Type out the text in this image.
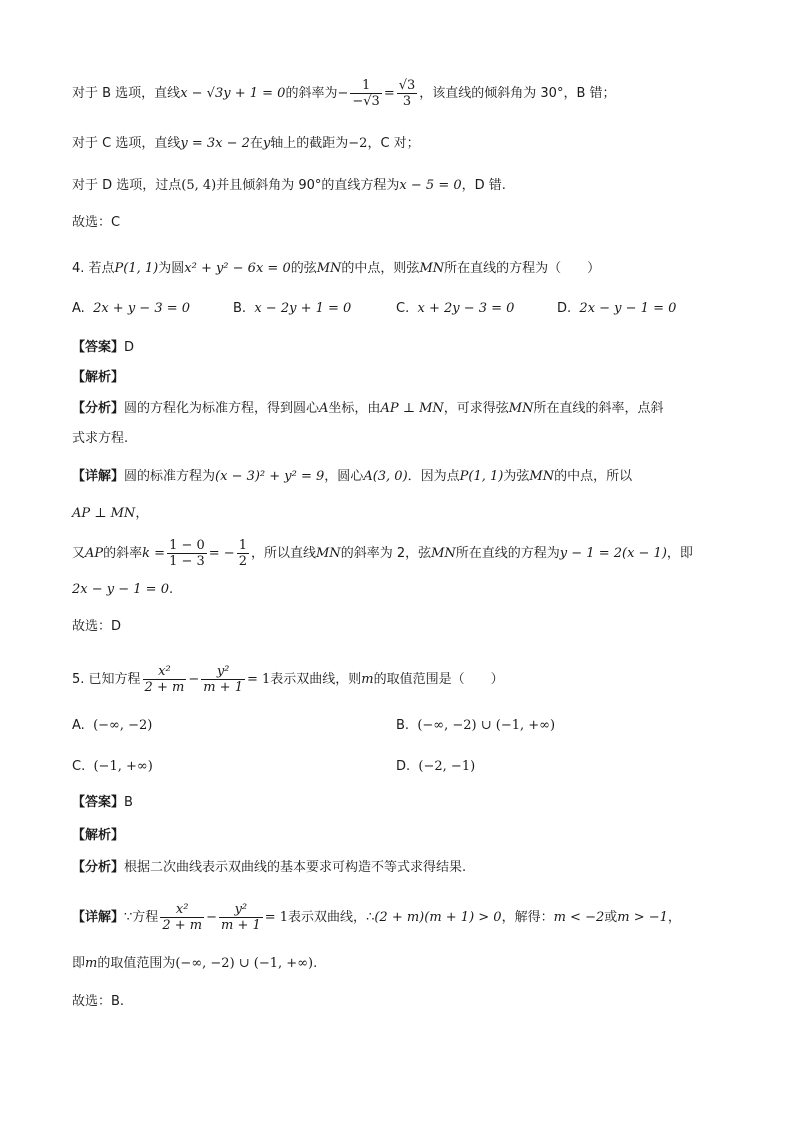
对于 B 选项，直线x − √3y + 1 = 0的斜率为− $\frac{1}{-√3} = \frac{√3}{3}$ ，该直线的倾斜角为 30°，B 错；
对于 C 选项，直线y = 3x − 2在y轴上的截距为−2，C 对；
对于 D 选项，过点(5, 4)并且倾斜角为 90°的直线方程为x − 5 = 0，D 错.
故选：C
4. 若点P(1, 1)为圆x² + y² − 6x = 0的弦MN的中点，则弦MN所在直线的方程为（　　）
A. 2x + y − 3 = 0	B. x − 2y + 1 = 0	C. x + 2y − 3 = 0	D. 2x − y − 1 = 0
【答案】D
【解析】
【分析】圆的方程化为标准方程，得到圆心A坐标，由AP ⊥ MN，可求得弦MN所在直线的斜率，点斜
式求方程.
【详解】圆的标准方程为(x − 3)² + y² = 9，圆心A(3, 0)．因为点P(1, 1)为弦MN的中点，所以
AP ⊥ MN，
又AP的斜率$k = \frac{1 - 0}{1 - 3}$ = − $\frac{1}{2}$ ，所以直线MN的斜率为 2，弦MN所在直线的方程为y − 1 = 2(x − 1)，即
2x − y − 1 = 0.
故选：D
5. 已知方程 $\frac{\text{x²}}{2 + m} - \frac{\text{y²}}{m + 1} = 1$表示双曲线，则m的取值范围是（　　）
A. (−∞, −2)	B. (−∞, −2) ∪ (−1, +∞)
C. (−1, +∞)	D. (−2, −1)
【答案】B
【解析】
【分析】根据二次曲线表示双曲线的基本要求可构造不等式求得结果.
【详解】∵方程 $\frac{\text{x²}}{2 + m} - \frac{\text{y²}}{m + 1} = 1$表示双曲线，∴(2 + m)(m + 1) > 0，解得：m < −2或m > −1，
即m的取值范围为(−∞, −2) ∪ (−1, +∞).
故选：B.
